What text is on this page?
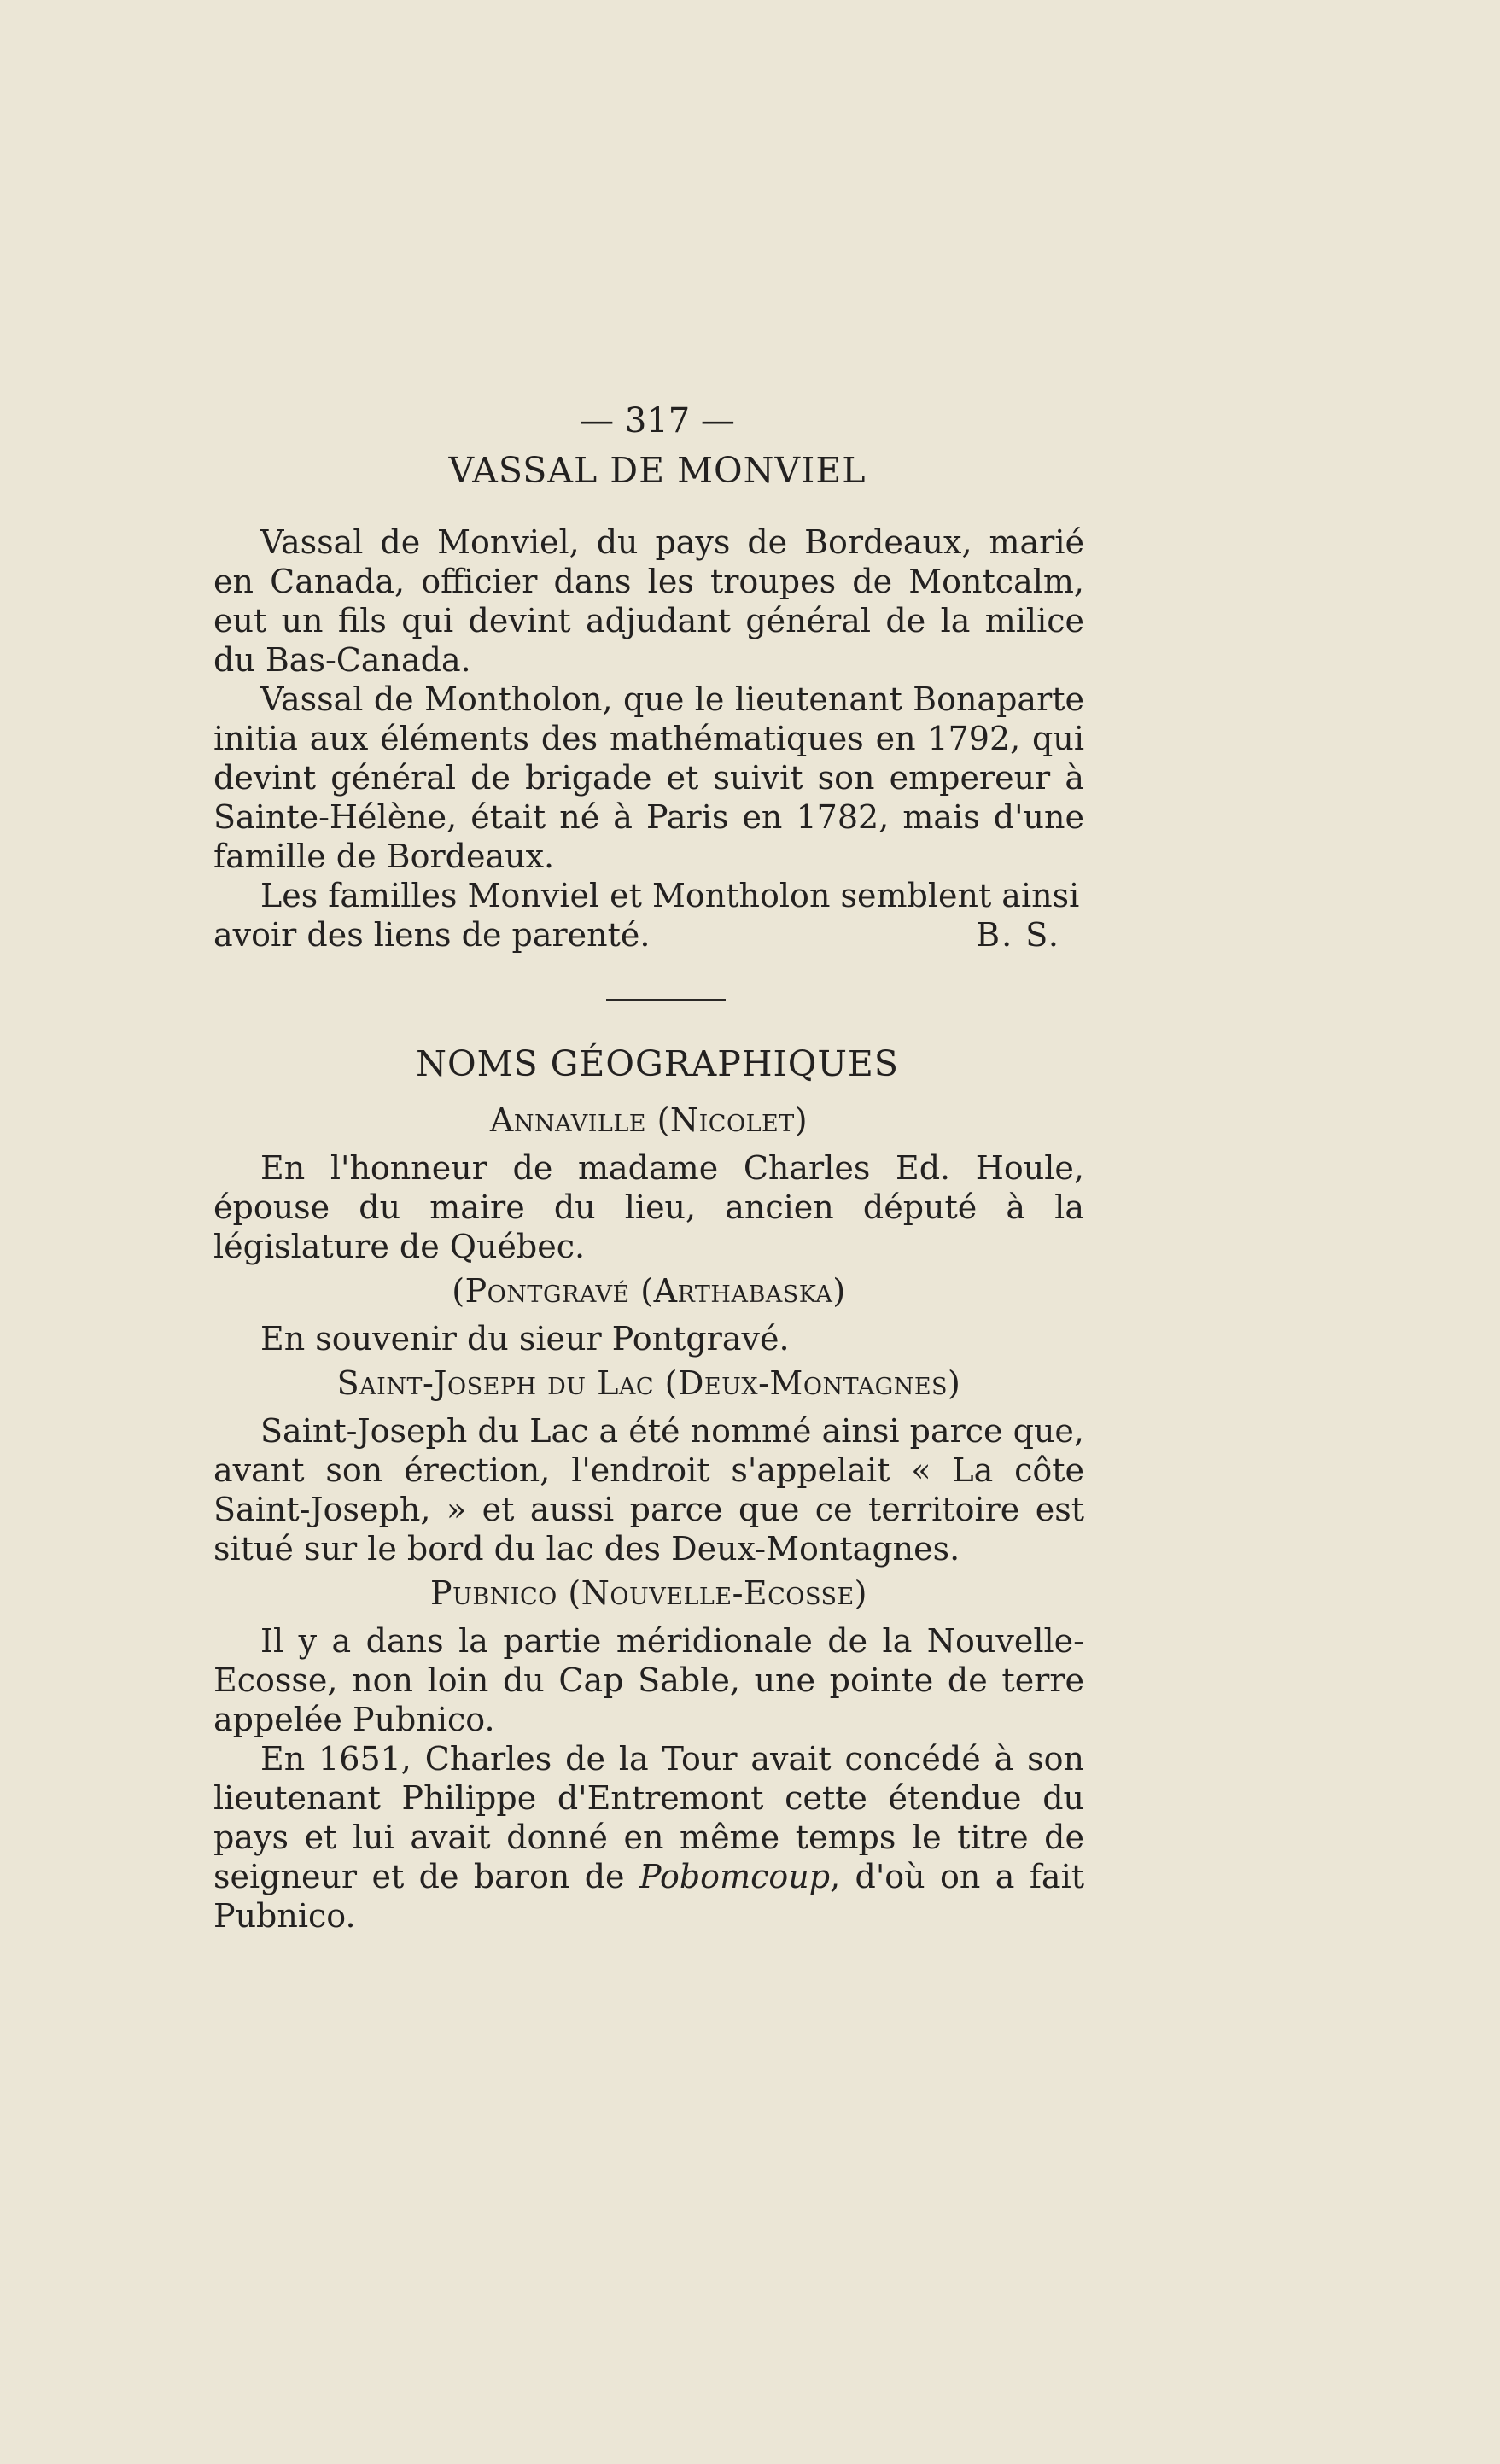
— 317 —
VASSAL DE MONVIEL

Vassal de Monviel, du pays de Bordeaux, marié en Canada, officier dans les troupes de Montcalm, eut un fils qui devint adjudant général de la milice du Bas-Canada.

Vassal de Montholon, que le lieutenant Bonaparte initia aux éléments des mathématiques en 1792, qui devint général de brigade et suivit son empereur à Sainte-Hélène, était né à Paris en 1782, mais d'une famille de Bordeaux.

Les familles Monviel et Montholon semblent ainsi

avoir des liens de parenté.	B. S.
NOMS GÉOGRAPHIQUES
Annaville (Nicolet)

En l'honneur de madame Charles Ed. Houle, épouse du maire du lieu, ancien député à la législature de Québec.

(Pontgravé (Arthabaska)

En souvenir du sieur Pontgravé.

Saint-Joseph du Lac (Deux-Montagnes)

Saint-Joseph du Lac a été nommé ainsi parce que, avant son érection, l'endroit s'appelait « La côte Saint-Joseph, » et aussi parce que ce territoire est situé sur le bord du lac des Deux-Montagnes.

Pubnico (Nouvelle-Ecosse)

Il y a dans la partie méridionale de la Nouvelle-Ecosse, non loin du Cap Sable, une pointe de terre appelée Pubnico.

En 1651, Charles de la Tour avait concédé à son lieutenant Philippe d'Entremont cette étendue du pays et lui avait donné en même temps le titre de seigneur et de baron de Pobomcoup, d'où on a fait Pubnico.
